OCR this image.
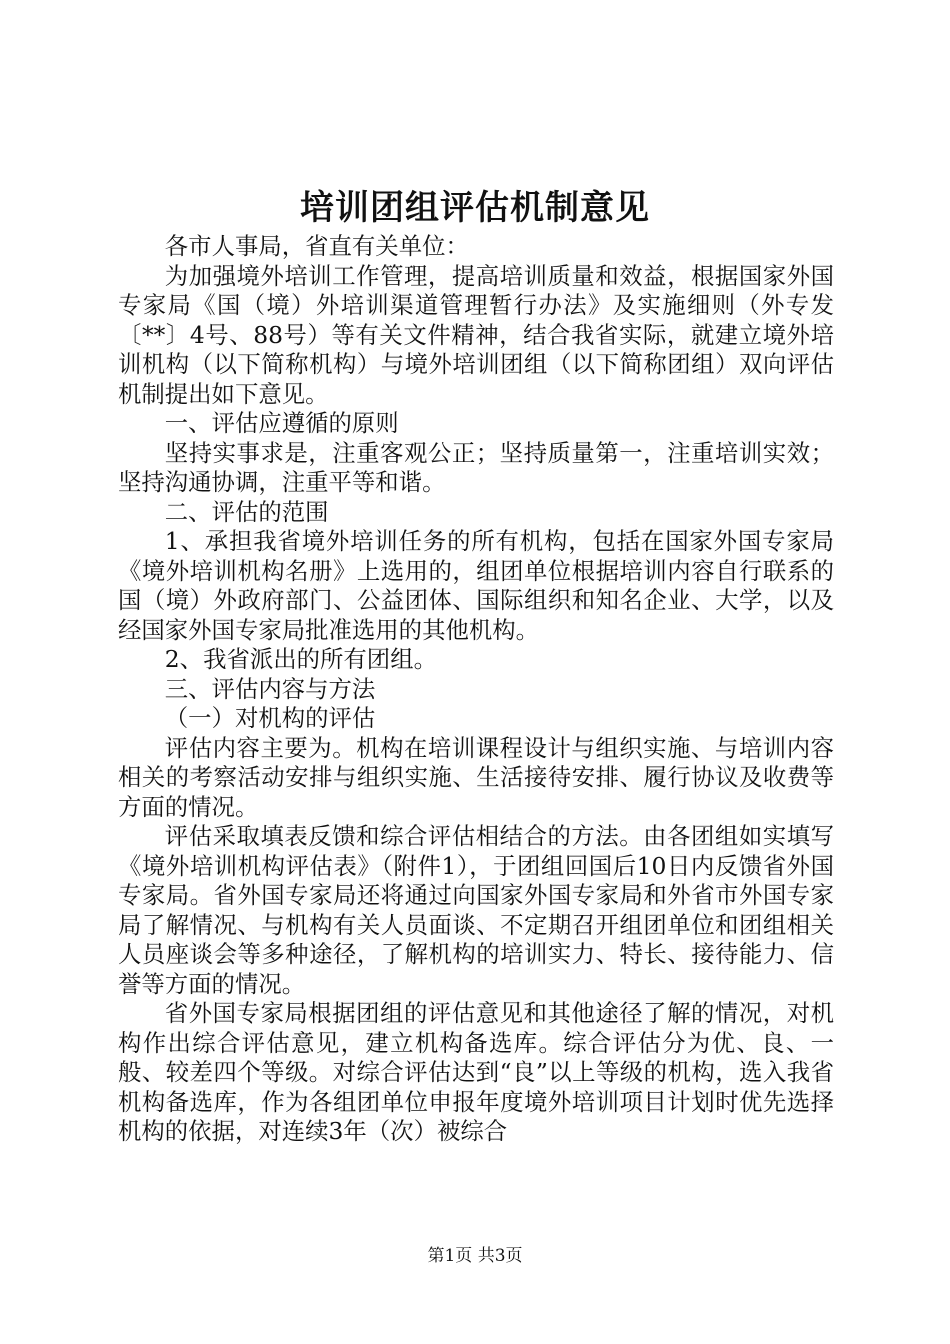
培训团组评估机制意见

各市人事局，省直有关单位：

为加强境外培训工作管理，提高培训质量和效益，根据国家外国专家局《国（境）外培训渠道管理暂行办法》及实施细则（外专发〔**〕4号、88号）等有关文件精神，结合我省实际，就建立境外培训机构（以下简称机构）与境外培训团组（以下简称团组）双向评估机制提出如下意见。

一、评估应遵循的原则

坚持实事求是，注重客观公正；坚持质量第一，注重培训实效；坚持沟通协调，注重平等和谐。

二、评估的范围

1、承担我省境外培训任务的所有机构，包括在国家外国专家局《境外培训机构名册》上选用的，组团单位根据培训内容自行联系的国（境）外政府部门、公益团体、国际组织和知名企业、大学，以及经国家外国专家局批准选用的其他机构。

2、我省派出的所有团组。

三、评估内容与方法

（一）对机构的评估

评估内容主要为。机构在培训课程设计与组织实施、与培训内容相关的考察活动安排与组织实施、生活接待安排、履行协议及收费等方面的情况。

评估采取填表反馈和综合评估相结合的方法。由各团组如实填写《境外培训机构评估表》（附件1），于团组回国后10日内反馈省外国专家局。省外国专家局还将通过向国家外国专家局和外省市外国专家局了解情况、与机构有关人员面谈、不定期召开组团单位和团组相关人员座谈会等多种途径，了解机构的培训实力、特长、接待能力、信誉等方面的情况。

省外国专家局根据团组的评估意见和其他途径了解的情况，对机构作出综合评估意见，建立机构备选库。综合评估分为优、良、一般、较差四个等级。对综合评估达到“良”以上等级的机构，选入我省机构备选库，作为各组团单位申报年度境外培训项目计划时优先选择机构的依据，对连续3年（次）被综合

第1页 共3页
